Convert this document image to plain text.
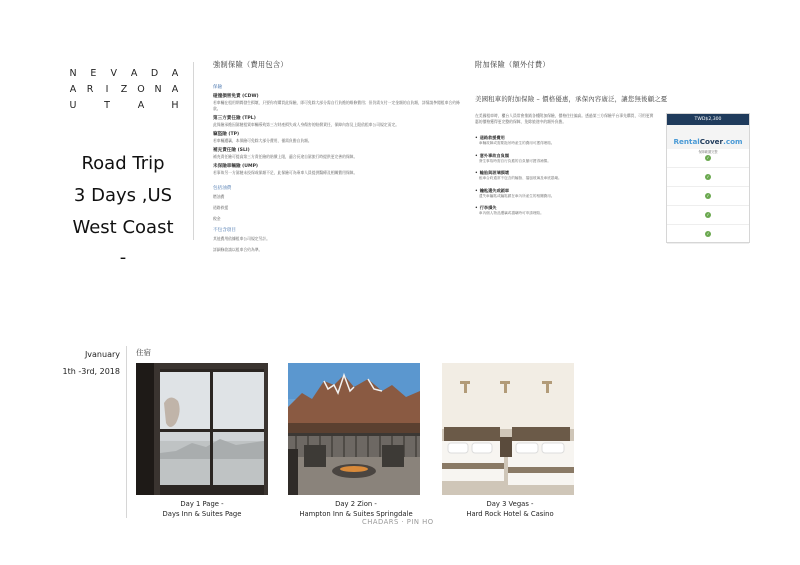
N E V A D A
A R	I	Z O N A
U	T	A	H
Road Trip
3 Days ,US
West Coast
-
強制保險（費用包含）
保險
碰撞損害免責 (CDW)
若車輛在租用期間發生損壞，只要你有購買此保險，即可免除大部分需自行負擔的維修費用；但仍需支付一定金額的自負額，詳情請參閱租車合約條款。
第三方責任險 (TPL)
此保險承擔因駕駛租賃車輛導致第三方財產損失或人身傷害的賠償責任，保障內容及上限依租車公司規定而定。
竊盜險 (TP)
若車輛遭竊，本保險可免除大部分費用，僅需負擔自負額。
補充責任險 (SLI)
補充責任險可提高第三方責任險的賠償上限，適合長途自駕旅行時提供更完善的保障。
未保險車輛險 (UMP)
若事故另一方駕駛未投保或保額不足，此保險可為乘車人員提供醫療及相關費用保障。
包括油費
燃油費
道路救援
稅金
不包含項目
其他費用依據租車公司規定另計。
詳細條款請以租車合約為準。
附加保險（額外付費）
美國租車的附加保險 – 價格優惠，承保內容廣泛，讓您無後顧之憂
在美國租車時，櫃台人員常會推銷各種附加保險，價格往往偏高。透過第三方保險平台事先購買，可用更實惠的價格獲得更完整的保障，免除旅途中的額外負擔。
• 道路救援費用
車輛故障或需要拖吊時產生的費用可獲得理賠。
• 意外事故自負額
發生事故時需自行負擔的自負額可獲得補償。
• 輪胎與玻璃損壞
租車合約通常不包含的輪胎、擋風玻璃及車底損壞。
• 鑰匙遺失或鎖車
遺失車鑰匙或鑰匙鎖在車內所產生的相關費用。
• 行李損失
車內個人物品遭竊或損壞時可申請理賠。
TWD$2,300
RentalCover.com
保障範圍完整
✓
✓
✓
✓
✓
Jvanuary
1th -3rd, 2018
住宿
Day 1 Page -
Days Inn & Suites Page
Day 2 Zion -
Hampton Inn & Suites Springdale
Day 3 Vegas -
Hard Rock Hotel & Casino
CHADARS · PIN HO
